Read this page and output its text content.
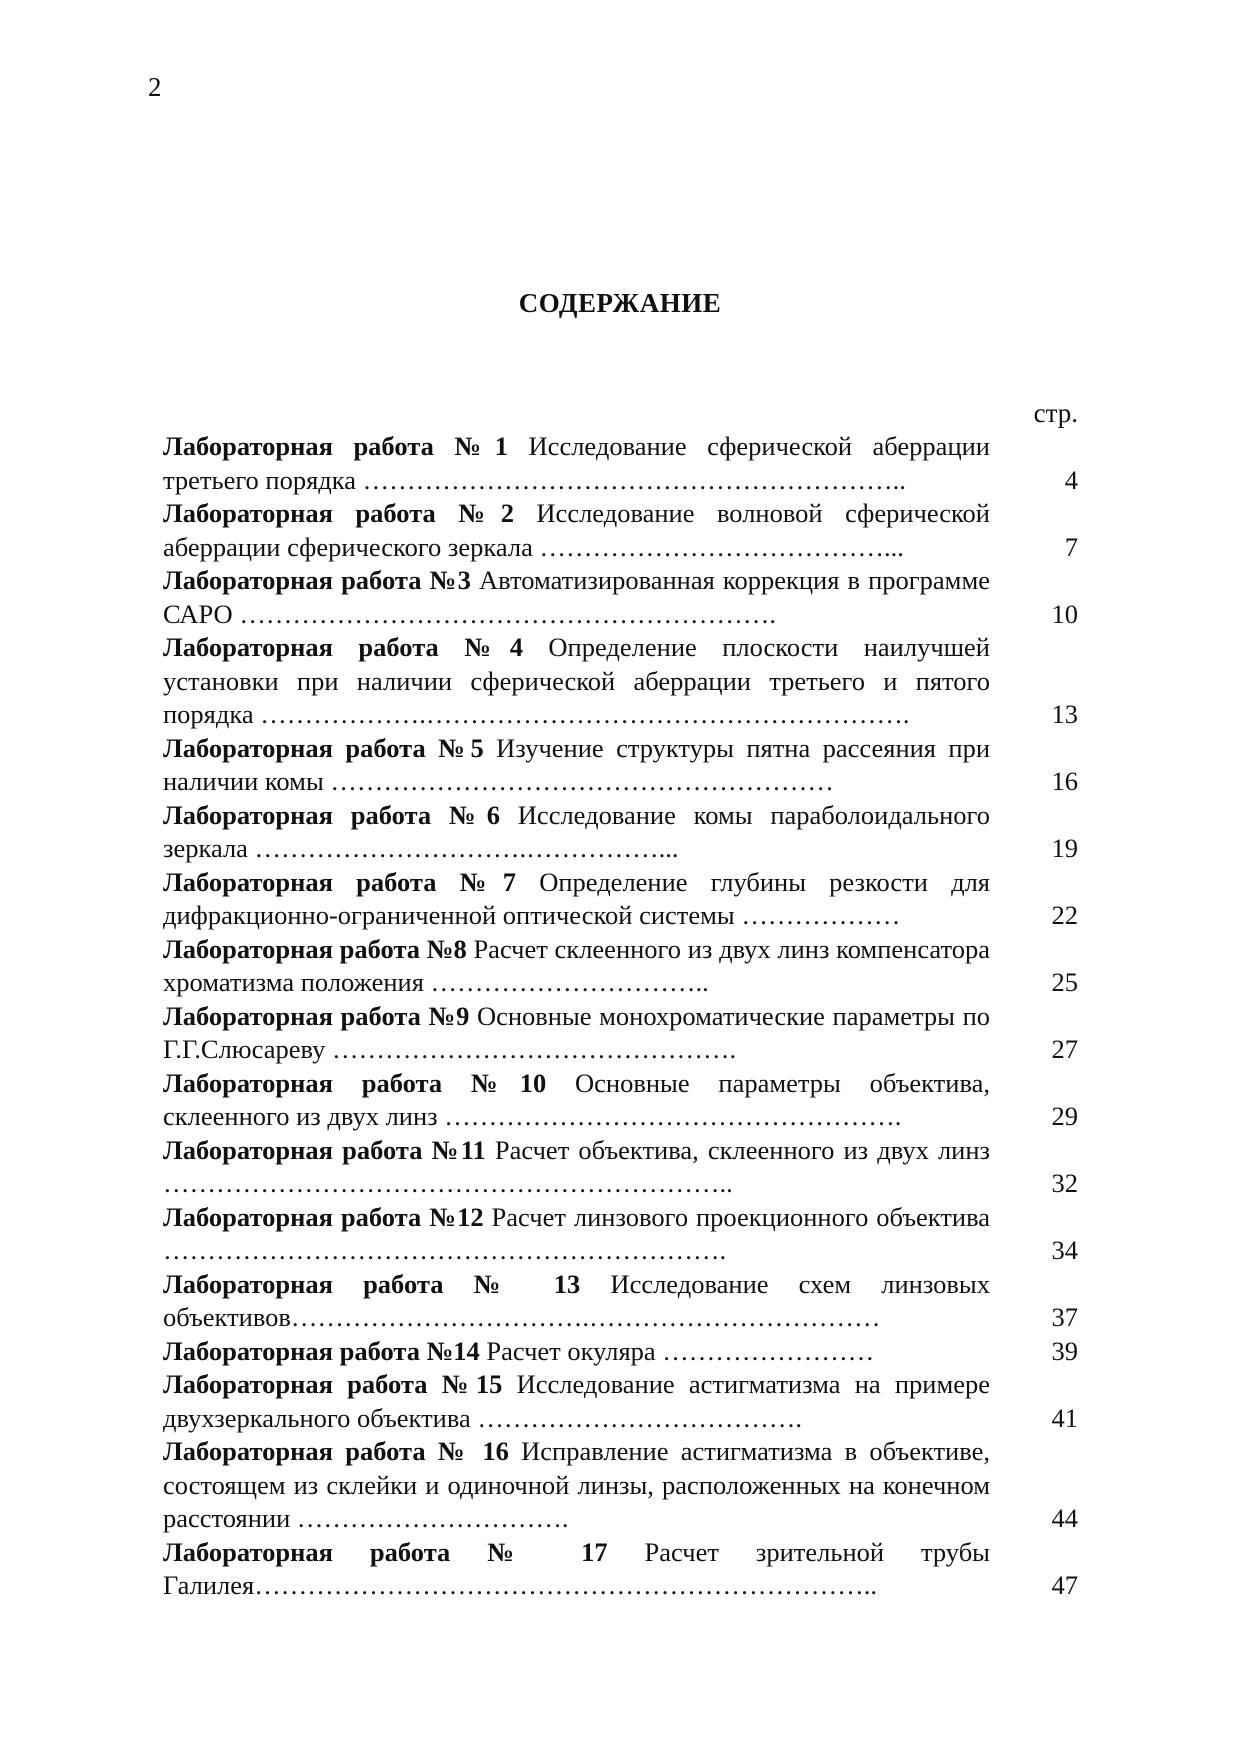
2
СОДЕРЖАНИЕ
стр.
Лабораторная работа №1 Исследование сферической аберрации третьего порядка ……………………………………………………..	4
Лабораторная работа №2 Исследование волновой сферической аберрации сферического зеркала …………………………………...	7
Лабораторная работа №3 Автоматизированная коррекция в программе САРО …………………………………………………….	10
Лабораторная работа №4 Определение плоскости наилучшей установки при наличии сферической аберрации третьего и пятого порядка ……………….……………………………………………….	13
Лабораторная работа №5 Изучение структуры пятна рассеяния при наличии комы …………………………………………………	16
Лабораторная работа №6 Исследование комы параболоидального зеркала ………………………….……………...	19
Лабораторная работа №7 Определение глубины резкости для дифракционно-ограниченной оптической системы ………………	22
Лабораторная работа №8 Расчет склеенного из двух линз компенсатора хроматизма положения …………………………..	25
Лабораторная работа №9 Основные монохроматические параметры по Г.Г.Слюсареву ……………………………………….	27
Лабораторная работа №10 Основные параметры объектива, склеенного из двух линз …………………………………………….	29
Лабораторная работа №11 Расчет объектива, склеенного из двух линз ………………………………………………………..	32
Лабораторная работа №12 Расчет линзового проекционного объектива ……………………………………………………….	34
Лабораторная работа № 13 Исследование схем линзовых объективов…………………………….……………………………	37
Лабораторная работа №14 Расчет окуляра ……………………	39
Лабораторная работа №15 Исследование астигматизма на примере двухзеркального объектива ……………………………….	41
Лабораторная работа № 16 Исправление астигматизма в объективе, состоящем из склейки и одиночной линзы, расположенных на конечном расстоянии ………………………….	44
Лабораторная работа № 17 Расчет зрительной трубы Галилея……………………………………………………………..	47
